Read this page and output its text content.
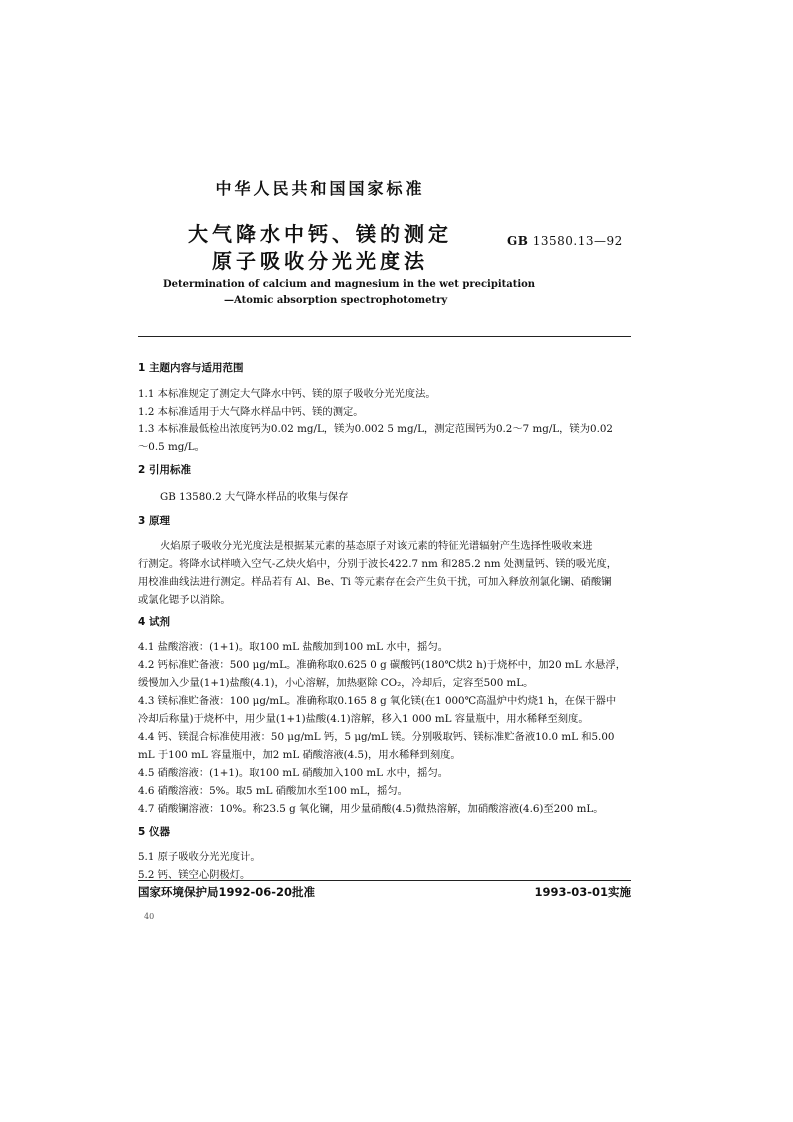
中华人民共和国国家标准
大气降水中钙、镁的测定
原子吸收分光光度法
GB 13580.13—92
Determination of calcium and magnesium in the wet precipitation
—Atomic absorption spectrophotometry
1 主题内容与适用范围
1.1 本标准规定了测定大气降水中钙、镁的原子吸收分光光度法。
1.2 本标准适用于大气降水样品中钙、镁的测定。
1.3 本标准最低检出浓度钙为0.02 mg/L，镁为0.002 5 mg/L，测定范围钙为0.2～7 mg/L，镁为0.02
～0.5 mg/L。
2 引用标准
GB 13580.2 大气降水样品的收集与保存
3 原理
火焰原子吸收分光光度法是根据某元素的基态原子对该元素的特征光谱辐射产生选择性吸收来进
行测定。将降水试样喷入空气-乙炔火焰中，分别于波长422.7 nm 和285.2 nm 处测量钙、镁的吸光度，
用校准曲线法进行测定。样品若有 Al、Be、Ti 等元素存在会产生负干扰，可加入释放剂氯化镧、硝酸镧
或氯化锶予以消除。
4 试剂
4.1 盐酸溶液：(1+1)。取100 mL 盐酸加到100 mL 水中，摇匀。
4.2 钙标准贮备液：500 μg/mL。准确称取0.625 0 g 碳酸钙(180℃烘2 h)于烧杯中，加20 mL 水悬浮，
缓慢加入少量(1+1)盐酸(4.1)，小心溶解，加热驱除 CO₂，冷却后，定容至500 mL。
4.3 镁标准贮备液：100 μg/mL。准确称取0.165 8 g 氧化镁(在1 000℃高温炉中灼烧1 h，在保干器中
冷却后称量)于烧杯中，用少量(1+1)盐酸(4.1)溶解，移入1 000 mL 容量瓶中，用水稀释至刻度。
4.4 钙、镁混合标准使用液：50 μg/mL 钙，5 μg/mL 镁。分别吸取钙、镁标准贮备液10.0 mL 和5.00
mL 于100 mL 容量瓶中，加2 mL 硝酸溶液(4.5)，用水稀释到刻度。
4.5 硝酸溶液：(1+1)。取100 mL 硝酸加入100 mL 水中，摇匀。
4.6 硝酸溶液：5%。取5 mL 硝酸加水至100 mL，摇匀。
4.7 硝酸镧溶液：10%。称23.5 g 氧化镧，用少量硝酸(4.5)微热溶解，加硝酸溶液(4.6)至200 mL。
5 仪器
5.1 原子吸收分光光度计。
5.2 钙、镁空心阴极灯。
国家环境保护局1992-06-20批准	1993-03-01实施
40
